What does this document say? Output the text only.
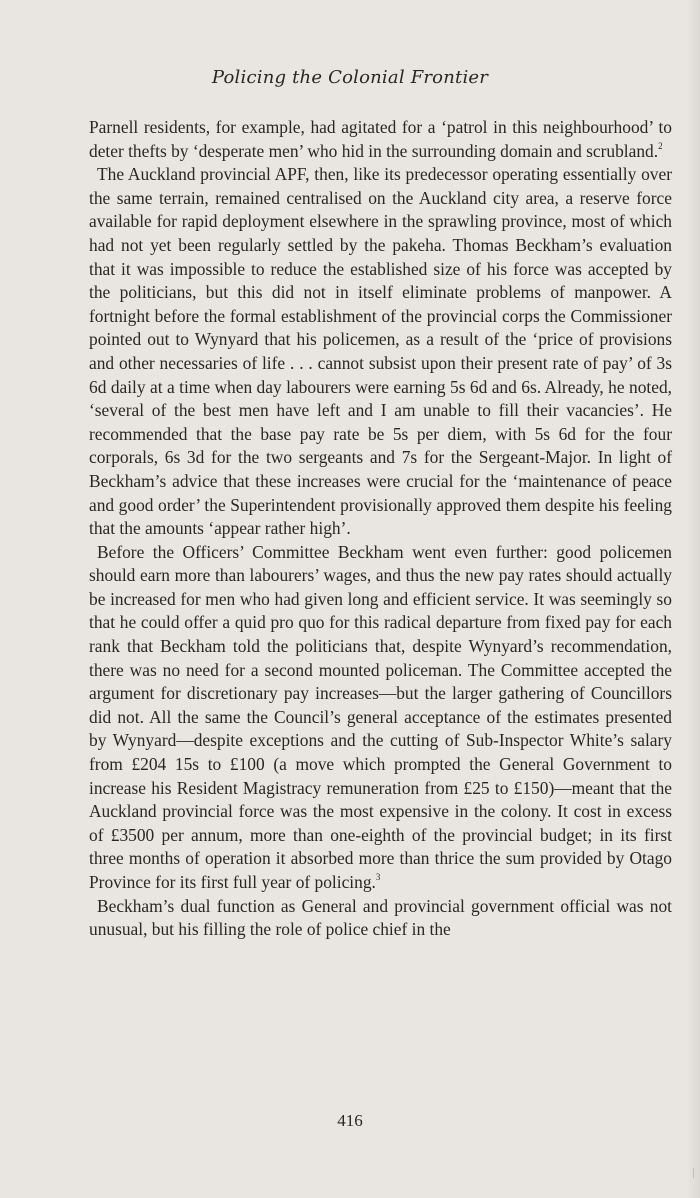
Policing the Colonial Frontier

Parnell residents, for example, had agitated for a ‘patrol in this neighbourhood’ to deter thefts by ‘desperate men’ who hid in the surrounding domain and scrubland.$^2$

The Auckland provincial APF, then, like its predecessor operating essentially over the same terrain, remained centralised on the Auckland city area, a reserve force available for rapid deployment elsewhere in the sprawling province, most of which had not yet been regularly settled by the pakeha. Thomas Beckham’s evaluation that it was impossible to reduce the established size of his force was accepted by the politicians, but this did not in itself eliminate problems of manpower. A fortnight before the formal establishment of the provincial corps the Commissioner pointed out to Wynyard that his policemen, as a result of the ‘price of provisions and other necessaries of life . . . cannot subsist upon their present rate of pay’ of 3s 6d daily at a time when day labourers were earning 5s 6d and 6s. Already, he noted, ‘several of the best men have left and I am unable to fill their vacancies’. He recommended that the base pay rate be 5s per diem, with 5s 6d for the four corporals, 6s 3d for the two sergeants and 7s for the Sergeant-Major. In light of Beckham’s advice that these increases were crucial for the ‘maintenance of peace and good order’ the Superintendent provisionally approved them despite his feeling that the amounts ‘appear rather high’.

Before the Officers’ Committee Beckham went even further: good policemen should earn more than labourers’ wages, and thus the new pay rates should actually be increased for men who had given long and efficient service. It was seemingly so that he could offer a quid pro quo for this radical departure from fixed pay for each rank that Beckham told the politicians that, despite Wynyard’s recommendation, there was no need for a second mounted policeman. The Committee accepted the argument for discretionary pay increases—but the larger gathering of Councillors did not. All the same the Council’s general acceptance of the estimates presented by Wynyard—despite exceptions and the cutting of Sub-Inspector White’s salary from £204 15s to £100 (a move which prompted the General Government to increase his Resident Magistracy remuneration from £25 to £150)—meant that the Auckland provincial force was the most expensive in the colony. It cost in excess of £3500 per annum, more than one-eighth of the provincial budget; in its first three months of operation it absorbed more than thrice the sum provided by Otago Province for its first full year of policing.$^3$

Beckham’s dual function as General and provincial government official was not unusual, but his filling the role of police chief in the

416
